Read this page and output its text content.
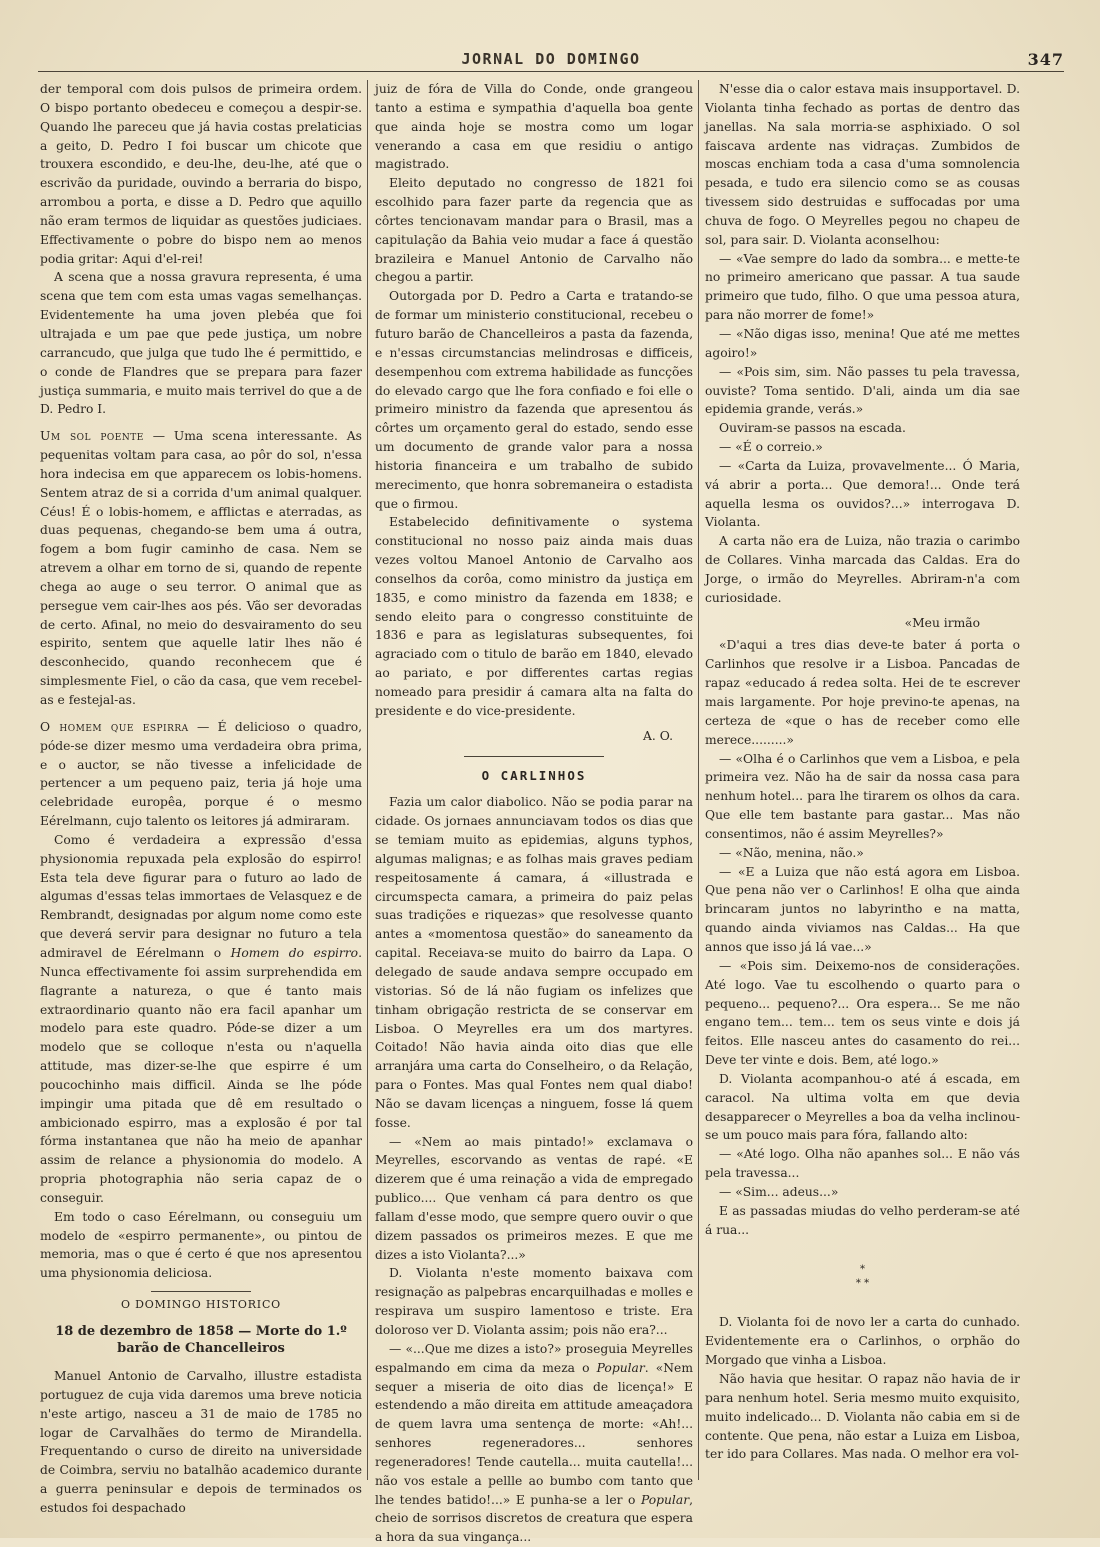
JORNAL DO DOMINGO	347

der temporal com dois pulsos de primeira ordem. O bispo portanto obedeceu e começou a despir-se. Quando lhe pareceu que já havia costas prelaticias a geito, D. Pedro I foi buscar um chicote que trouxera escondido, e deu-lhe, deu-lhe, até que o escrivão da puridade, ouvindo a berraria do bispo, arrombou a porta, e disse a D. Pedro que aquillo não eram termos de liquidar as questões judiciaes. Effectivamente o pobre do bispo nem ao menos podia gritar: Aqui d'el-rei!

A scena que a nossa gravura representa, é uma scena que tem com esta umas vagas semelhanças. Evidentemente ha uma joven plebéa que foi ultrajada e um pae que pede justiça, um nobre carrancudo, que julga que tudo lhe é permittido, e o conde de Flandres que se prepara para fazer justiça summaria, e muito mais terrivel do que a de D. Pedro I.

Um sol poente — Uma scena interessante. As pequenitas voltam para casa, ao pôr do sol, n'essa hora indecisa em que apparecem os lobis-homens. Sentem atraz de si a corrida d'um animal qualquer. Céus! É o lobis-homem, e afflictas e aterradas, as duas pequenas, chegando-se bem uma á outra, fogem a bom fugir caminho de casa. Nem se atrevem a olhar em torno de si, quando de repente chega ao auge o seu terror. O animal que as persegue vem cair-lhes aos pés. Vão ser devoradas de certo. Afinal, no meio do desvairamento do seu espirito, sentem que aquelle latir lhes não é desconhecido, quando reconhecem que é simplesmente Fiel, o cão da casa, que vem recebel-as e festejal-as.

O homem que espirra — É delicioso o quadro, póde-se dizer mesmo uma verdadeira obra prima, e o auctor, se não tivesse a infelicidade de pertencer a um pequeno paiz, teria já hoje uma celebridade europêa, porque é o mesmo Eérelmann, cujo talento os leitores já admiraram.

Como é verdadeira a expressão d'essa physionomia repuxada pela explosão do espirro! Esta tela deve figurar para o futuro ao lado de algumas d'essas telas immortaes de Velasquez e de Rembrandt, designadas por algum nome como este que deverá servir para designar no futuro a tela admiravel de Eérelmann o Homem do espirro. Nunca effectivamente foi assim surprehendida em flagrante a natureza, o que é tanto mais extraordinario quanto não era facil apanhar um modelo para este quadro. Póde-se dizer a um modelo que se colloque n'esta ou n'aquella attitude, mas dizer-se-lhe que espirre é um poucochinho mais difficil. Ainda se lhe póde impingir uma pitada que dê em resultado o ambicionado espirro, mas a explosão é por tal fórma instantanea que não ha meio de apanhar assim de relance a physionomia do modelo. A propria photographia não seria capaz de o conseguir.

Em todo o caso Eérelmann, ou conseguiu um modelo de «espirro permanente», ou pintou de memoria, mas o que é certo é que nos apresentou uma physionomia deliciosa.

O DOMINGO HISTORICO
18 de dezembro de 1858 — Morte do 1.º barão de Chancelleiros

Manuel Antonio de Carvalho, illustre estadista portuguez de cuja vida daremos uma breve noticia n'este artigo, nasceu a 31 de maio de 1785 no logar de Carvalhães do termo de Mirandella. Frequentando o curso de direito na universidade de Coimbra, serviu no batalhão academico durante a guerra peninsular e depois de terminados os estudos foi despachado

juiz de fóra de Villa do Conde, onde grangeou tanto a estima e sympathia d'aquella boa gente que ainda hoje se mostra como um logar venerando a casa em que residiu o antigo magistrado.

Eleito deputado no congresso de 1821 foi escolhido para fazer parte da regencia que as côrtes tencionavam mandar para o Brasil, mas a capitulação da Bahia veio mudar a face á questão brazileira e Manuel Antonio de Carvalho não chegou a partir.

Outorgada por D. Pedro a Carta e tratando-se de formar um ministerio constitucional, recebeu o futuro barão de Chancelleiros a pasta da fazenda, e n'essas circumstancias melindrosas e difficeis, desempenhou com extrema habilidade as funcções do elevado cargo que lhe fora confiado e foi elle o primeiro ministro da fazenda que apresentou ás côrtes um orçamento geral do estado, sendo esse um documento de grande valor para a nossa historia financeira e um trabalho de subido merecimento, que honra sobremaneira o estadista que o firmou.

Estabelecido definitivamente o systema constitucional no nosso paiz ainda mais duas vezes voltou Manoel Antonio de Carvalho aos conselhos da corôa, como ministro da justiça em 1835, e como ministro da fazenda em 1838; e sendo eleito para o congresso constituinte de 1836 e para as legislaturas subsequentes, foi agraciado com o titulo de barão em 1840, elevado ao pariato, e por differentes cartas regias nomeado para presidir á camara alta na falta do presidente e do vice-presidente.

A. O.
O CARLINHOS

Fazia um calor diabolico. Não se podia parar na cidade. Os jornaes annunciavam todos os dias que se temiam muito as epidemias, alguns typhos, algumas malignas; e as folhas mais graves pediam respeitosamente á camara, á «illustrada e circumspecta camara, a primeira do paiz pelas suas tradições e riquezas» que resolvesse quanto antes a «momentosa questão» do saneamento da capital. Receiava-se muito do bairro da Lapa. O delegado de saude andava sempre occupado em vistorias. Só de lá não fugiam os infelizes que tinham obrigação restricta de se conservar em Lisboa. O Meyrelles era um dos martyres. Coitado! Não havia ainda oito dias que elle arranjára uma carta do Conselheiro, o da Relação, para o Fontes. Mas qual Fontes nem qual diabo! Não se davam licenças a ninguem, fosse lá quem fosse.

— «Nem ao mais pintado!» exclamava o Meyrelles, escorvando as ventas de rapé. «E dizerem que é uma reinação a vida de empregado publico.... Que venham cá para dentro os que fallam d'esse modo, que sempre quero ouvir o que dizem passados os primeiros mezes. E que me dizes a isto Violanta?...»

D. Violanta n'este momento baixava com resignação as palpebras encarquilhadas e molles e respirava um suspiro lamentoso e triste. Era doloroso ver D. Violanta assim; pois não era?...

— «...Que me dizes a isto?» proseguia Meyrelles espalmando em cima da meza o Popular. «Nem sequer a miseria de oito dias de licença!» E estendendo a mão direita em attitude ameaçadora de quem lavra uma sentença de morte: «Ah!... senhores regeneradores... senhores regeneradores! Tende cautella... muita cautella!... não vos estale a pellle ao bumbo com tanto que lhe tendes batido!...» E punha-se a ler o Popular, cheio de sorrisos discretos de creatura que espera a hora da sua vingança...

N'esse dia o calor estava mais insupportavel. D. Violanta tinha fechado as portas de dentro das janellas. Na sala morria-se asphixiado. O sol faiscava ardente nas vidraças. Zumbidos de moscas enchiam toda a casa d'uma somnolencia pesada, e tudo era silencio como se as cousas tivessem sido destruidas e suffocadas por uma chuva de fogo. O Meyrelles pegou no chapeu de sol, para sair. D. Violanta aconselhou:

— «Vae sempre do lado da sombra... e mette-te no primeiro americano que passar. A tua saude primeiro que tudo, filho. O que uma pessoa atura, para não morrer de fome!»

— «Não digas isso, menina! Que até me mettes agoiro!»

— «Pois sim, sim. Não passes tu pela travessa, ouviste? Toma sentido. D'ali, ainda um dia sae epidemia grande, verás.»

Ouviram-se passos na escada.

— «É o correio.»

— «Carta da Luiza, provavelmente... Ó Maria, vá abrir a porta... Que demora!... Onde terá aquella lesma os ouvidos?...» interrogava D. Violanta.

A carta não era de Luiza, não trazia o carimbo de Collares. Vinha marcada das Caldas. Era do Jorge, o irmão do Meyrelles. Abriram-n'a com curiosidade.

«Meu irmão

«D'aqui a tres dias deve-te bater á porta o Carlinhos que resolve ir a Lisboa. Pancadas de rapaz «educado á redea solta. Hei de te escrever mais largamente. Por hoje previno-te apenas, na certeza de «que o has de receber como elle merece.........»

— «Olha é o Carlinhos que vem a Lisboa, e pela primeira vez. Não ha de sair da nossa casa para nenhum hotel... para lhe tirarem os olhos da cara. Que elle tem bastante para gastar... Mas não consentimos, não é assim Meyrelles?»

— «Não, menina, não.»

— «E a Luiza que não está agora em Lisboa. Que pena não ver o Carlinhos! E olha que ainda brincaram juntos no labyrintho e na matta, quando ainda viviamos nas Caldas... Ha que annos que isso já lá vae...»

— «Pois sim. Deixemo-nos de considerações. Até logo. Vae tu escolhendo o quarto para o pequeno... pequeno?... Ora espera... Se me não engano tem... tem... tem os seus vinte e dois já feitos. Elle nasceu antes do casamento do rei... Deve ter vinte e dois. Bem, até logo.»

D. Violanta acompanhou-o até á escada, em caracol. Na ultima volta em que devia desapparecer o Meyrelles a boa da velha inclinou-se um pouco mais para fóra, fallando alto:

— «Até logo. Olha não apanhes sol... E não vás pela travessa...

— «Sim... adeus...»

E as passadas miudas do velho perderam-se até á rua...

*
* *

D. Violanta foi de novo ler a carta do cunhado. Evidentemente era o Carlinhos, o orphão do Morgado que vinha a Lisboa.

Não havia que hesitar. O rapaz não havia de ir para nenhum hotel. Seria mesmo muito exquisito, muito indelicado... D. Violanta não cabia em si de contente. Que pena, não estar a Luiza em Lisboa, ter ido para Collares. Mas nada. O melhor era vol-
